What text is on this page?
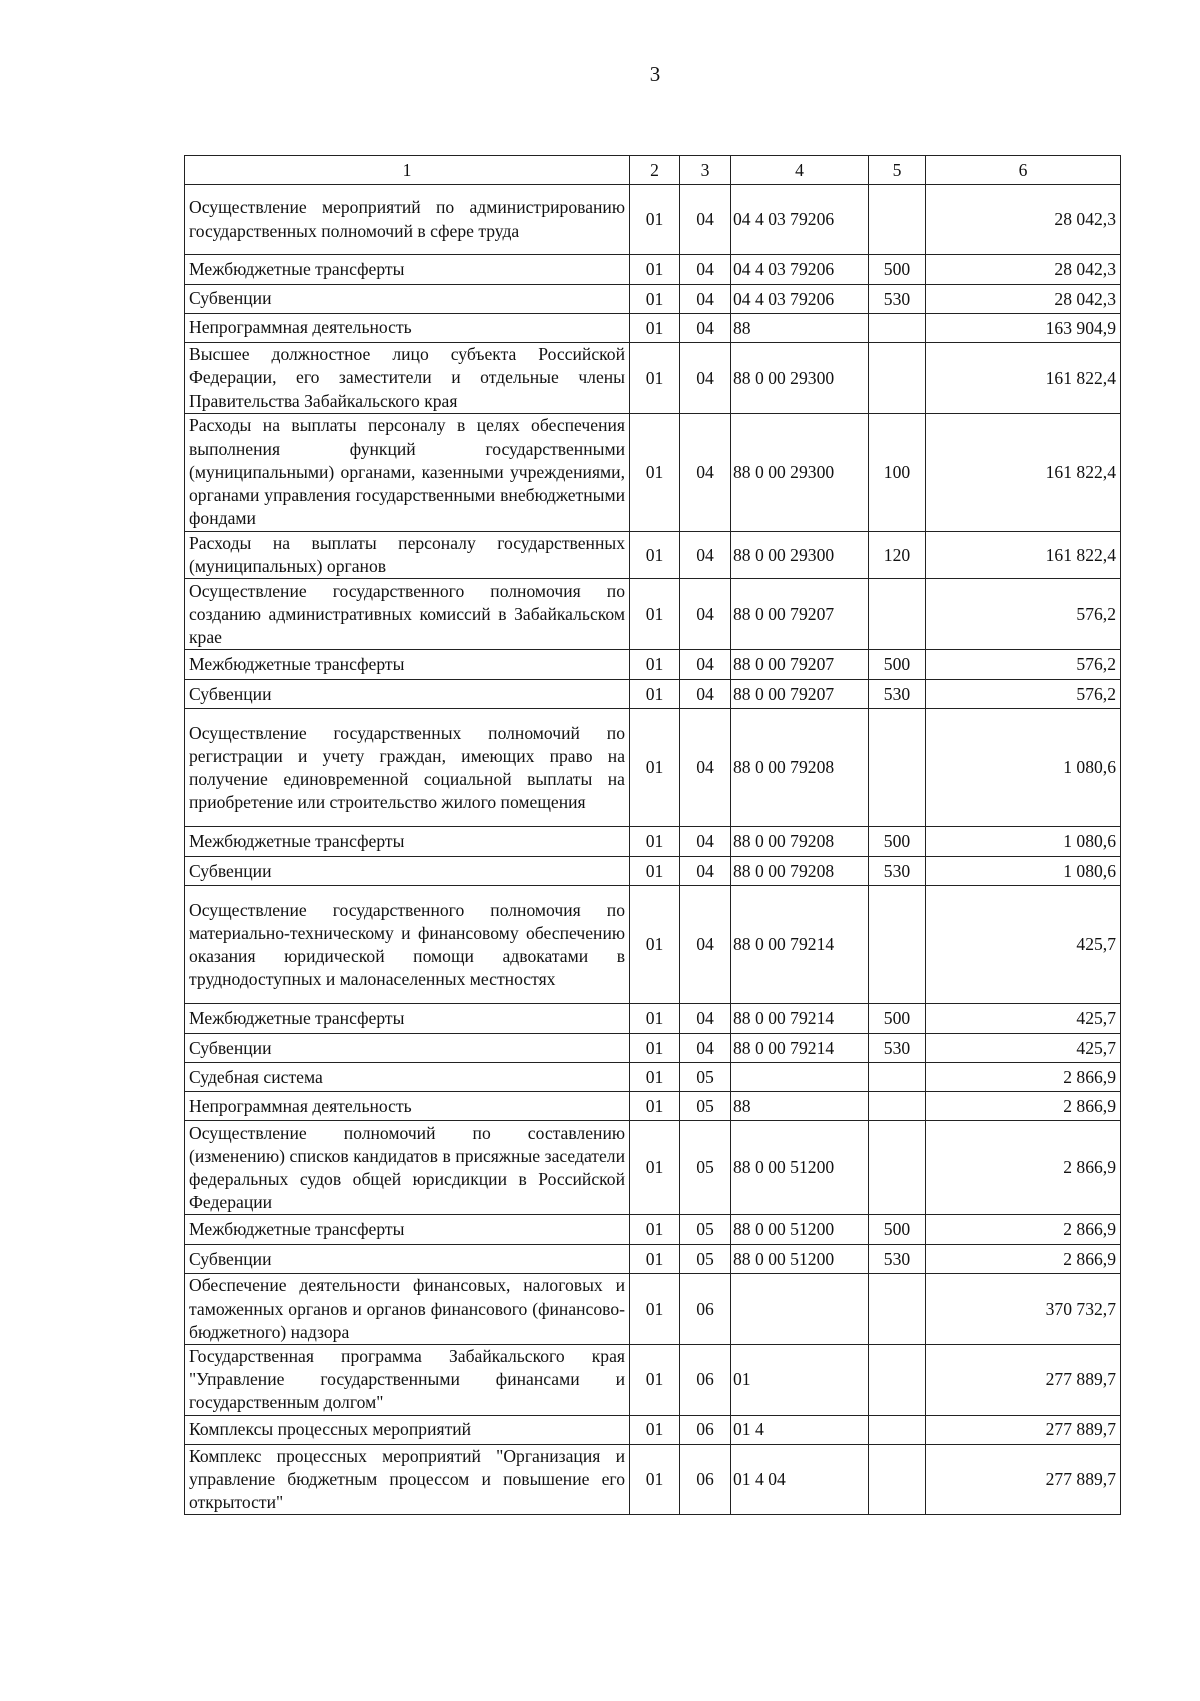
3
1	2	3	4	5	6
Осуществление мероприятий по администрированию государственных полномочий в сфере труда	01	04	04 4 03 79206		28 042,3
Межбюджетные трансферты	01	04	04 4 03 79206	500	28 042,3
Субвенции	01	04	04 4 03 79206	530	28 042,3
Непрограммная деятельность	01	04	88		163 904,9
Высшее должностное лицо субъекта Российской Федерации, его заместители и отдельные члены Правительства Забайкальского края	01	04	88 0 00 29300		161 822,4
Расходы на выплаты персоналу в целях обеспечения выполнения функций государственными (муниципальными) органами, казенными учреждениями, органами управления государственными внебюджетными фондами	01	04	88 0 00 29300	100	161 822,4
Расходы на выплаты персоналу государственных (муниципальных) органов	01	04	88 0 00 29300	120	161 822,4
Осуществление государственного полномочия по созданию административных комиссий в Забайкальском крае	01	04	88 0 00 79207		576,2
Межбюджетные трансферты	01	04	88 0 00 79207	500	576,2
Субвенции	01	04	88 0 00 79207	530	576,2
Осуществление государственных полномочий по регистрации и учету граждан, имеющих право на получение единовременной социальной выплаты на приобретение или строительство жилого помещения	01	04	88 0 00 79208		1 080,6
Межбюджетные трансферты	01	04	88 0 00 79208	500	1 080,6
Субвенции	01	04	88 0 00 79208	530	1 080,6
Осуществление государственного полномочия по материально-техническому и финансовому обеспечению оказания юридической помощи адвокатами в труднодоступных и малонаселенных местностях	01	04	88 0 00 79214		425,7
Межбюджетные трансферты	01	04	88 0 00 79214	500	425,7
Субвенции	01	04	88 0 00 79214	530	425,7
Судебная система	01	05			2 866,9
Непрограммная деятельность	01	05	88		2 866,9
Осуществление полномочий по составлению (изменению) списков кандидатов в присяжные заседатели федеральных судов общей юрисдикции в Российской Федерации	01	05	88 0 00 51200		2 866,9
Межбюджетные трансферты	01	05	88 0 00 51200	500	2 866,9
Субвенции	01	05	88 0 00 51200	530	2 866,9
Обеспечение деятельности финансовых, налоговых и таможенных органов и органов финансового (финансово-бюджетного) надзора	01	06			370 732,7
Государственная программа Забайкальского края "Управление государственными финансами и государственным долгом"	01	06	01		277 889,7
Комплексы процессных мероприятий	01	06	01 4		277 889,7
Комплекс процессных мероприятий "Организация и управление бюджетным процессом и повышение его открытости"	01	06	01 4 04		277 889,7
